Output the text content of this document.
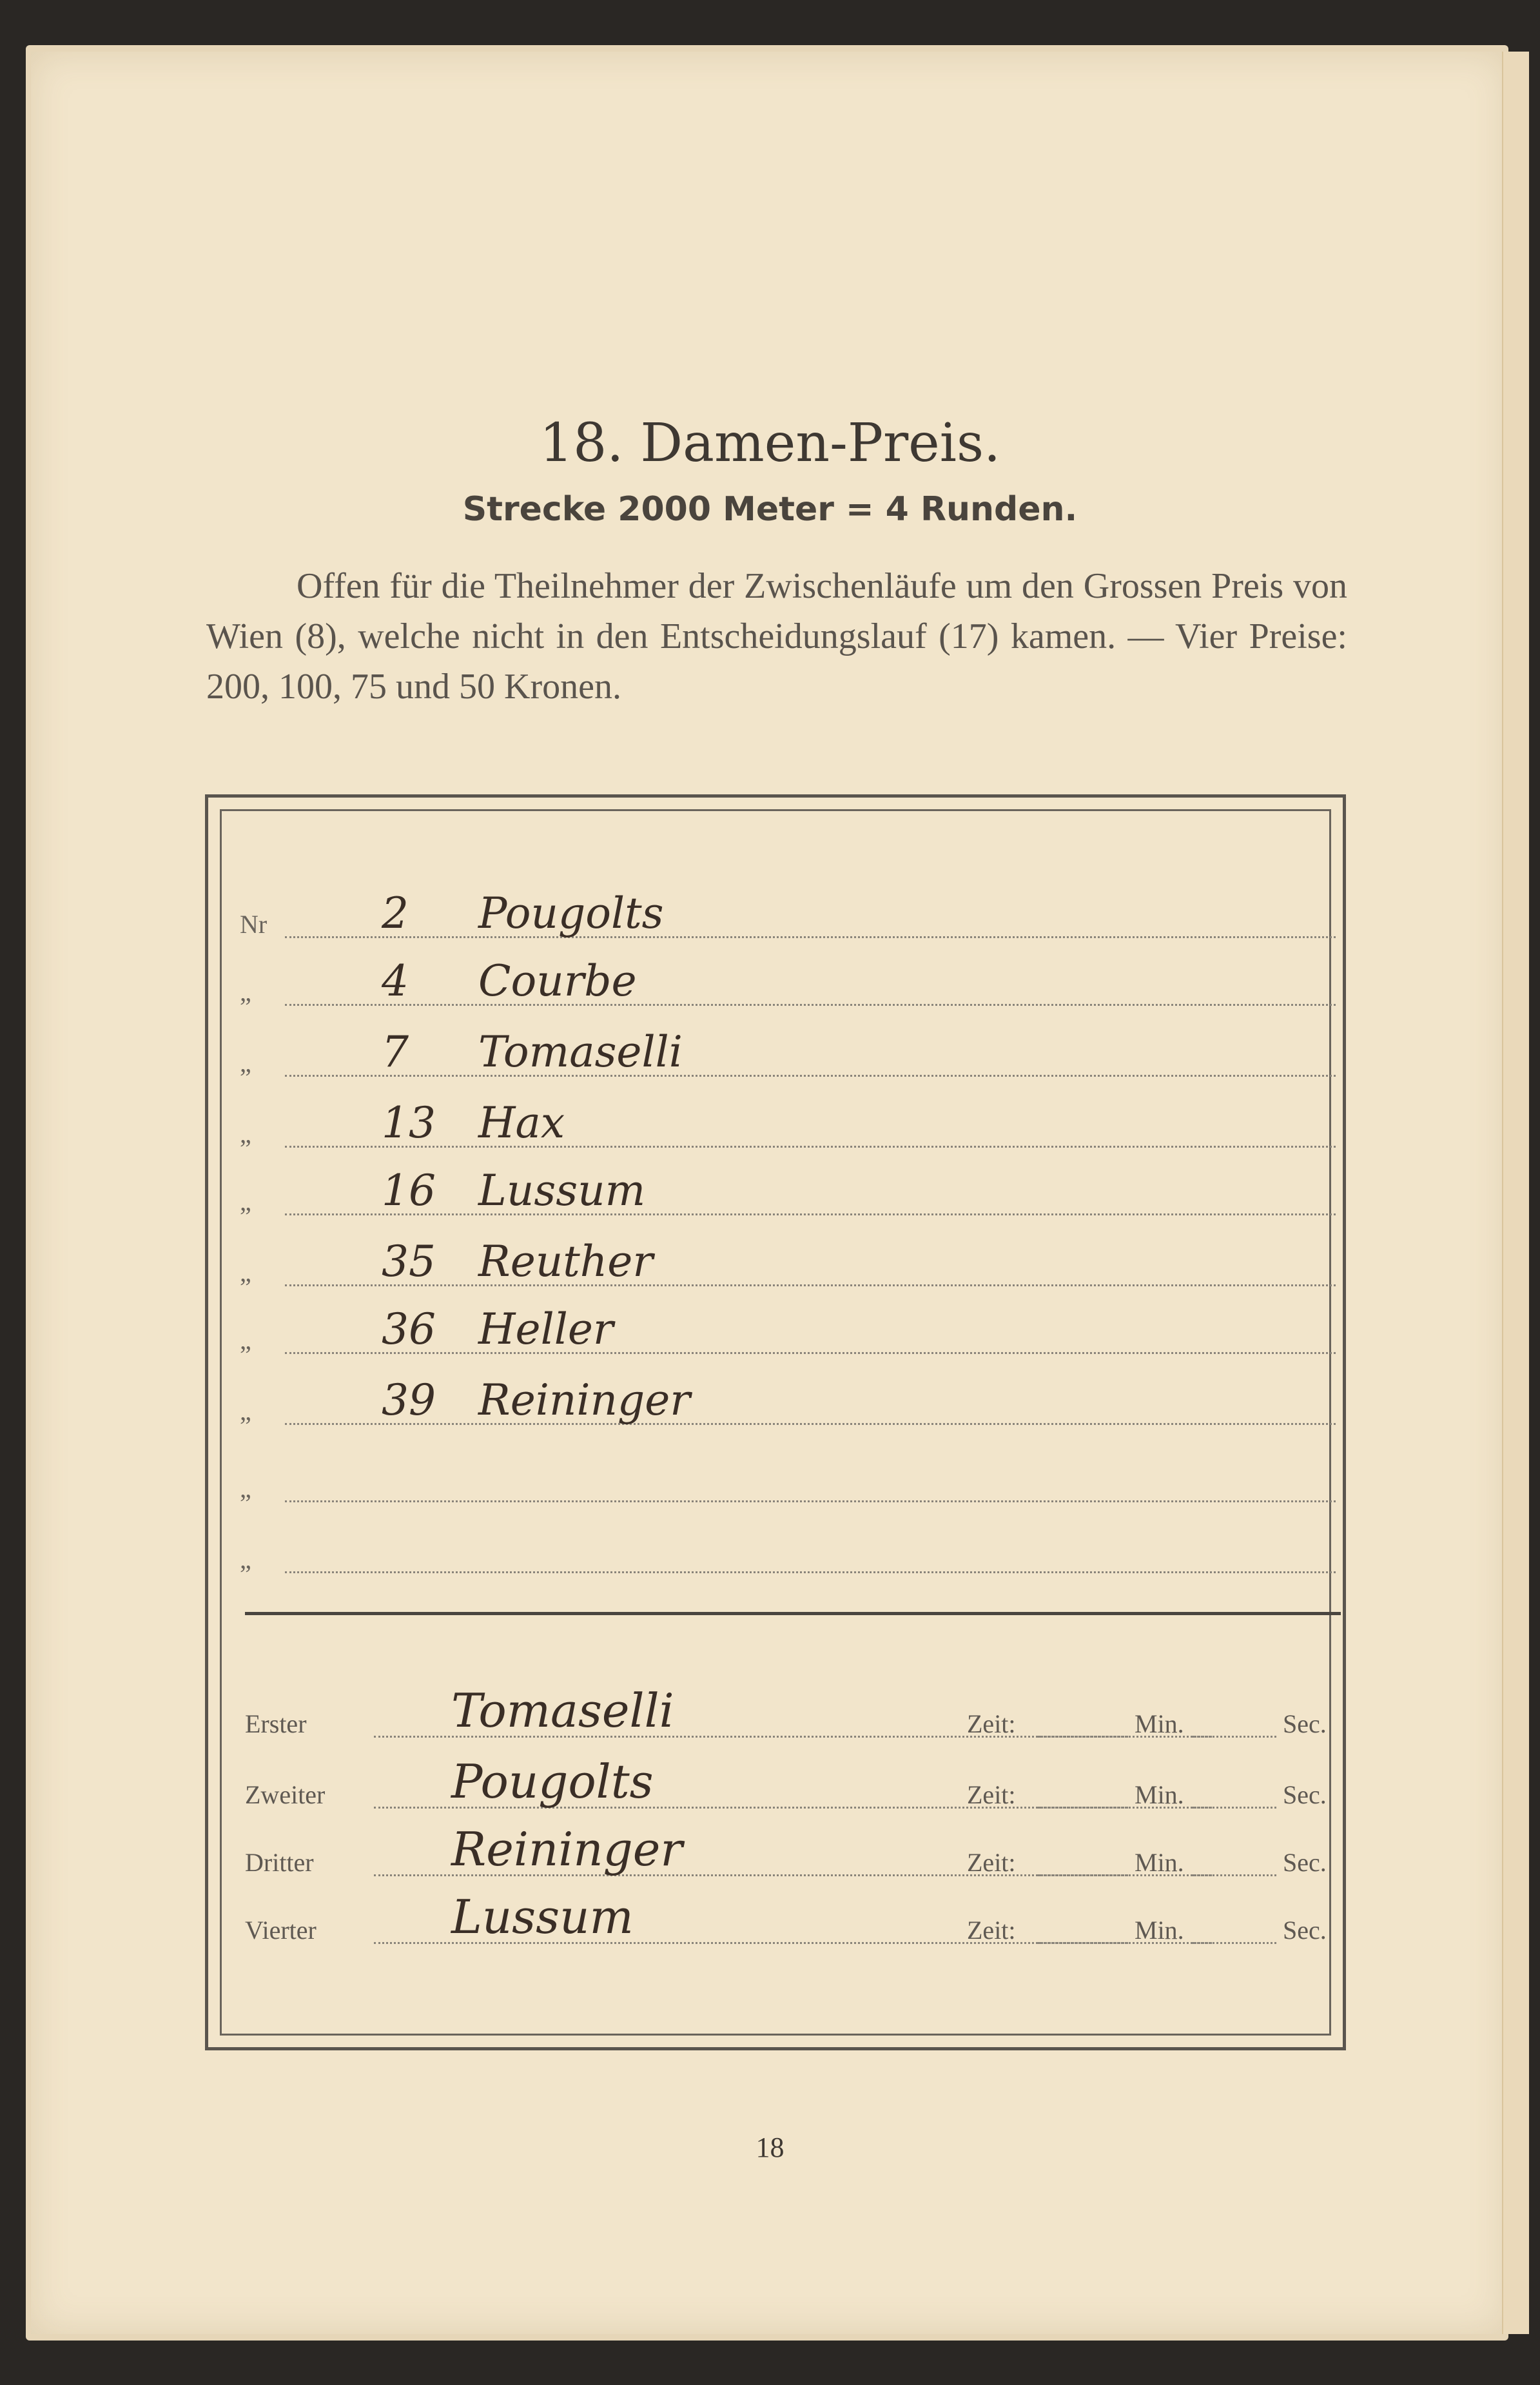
18. Damen-Preis.
Strecke 2000 Meter = 4 Runden.
Offen für die Theilnehmer der Zwischenläufe um den Grossen Preis von Wien (8), welche nicht in den Entscheidungslauf (17) kamen. — Vier Preise: 200, 100, 75 und 50 Kronen.
Nr	2 Pougolts
„	4 Courbe
„	7 Tomaselli
„	13 Hax
„	16 Lussum
„	35 Reuther
„	36 Heller
„	39 Reininger
„
„
Erster	Tomaselli	Zeit:	Min.	Sec.
Zweiter	Pougolts	Zeit:	Min.	Sec.
Dritter	Reininger	Zeit:	Min.	Sec.
Vierter	Lussum	Zeit:	Min.	Sec.
18
